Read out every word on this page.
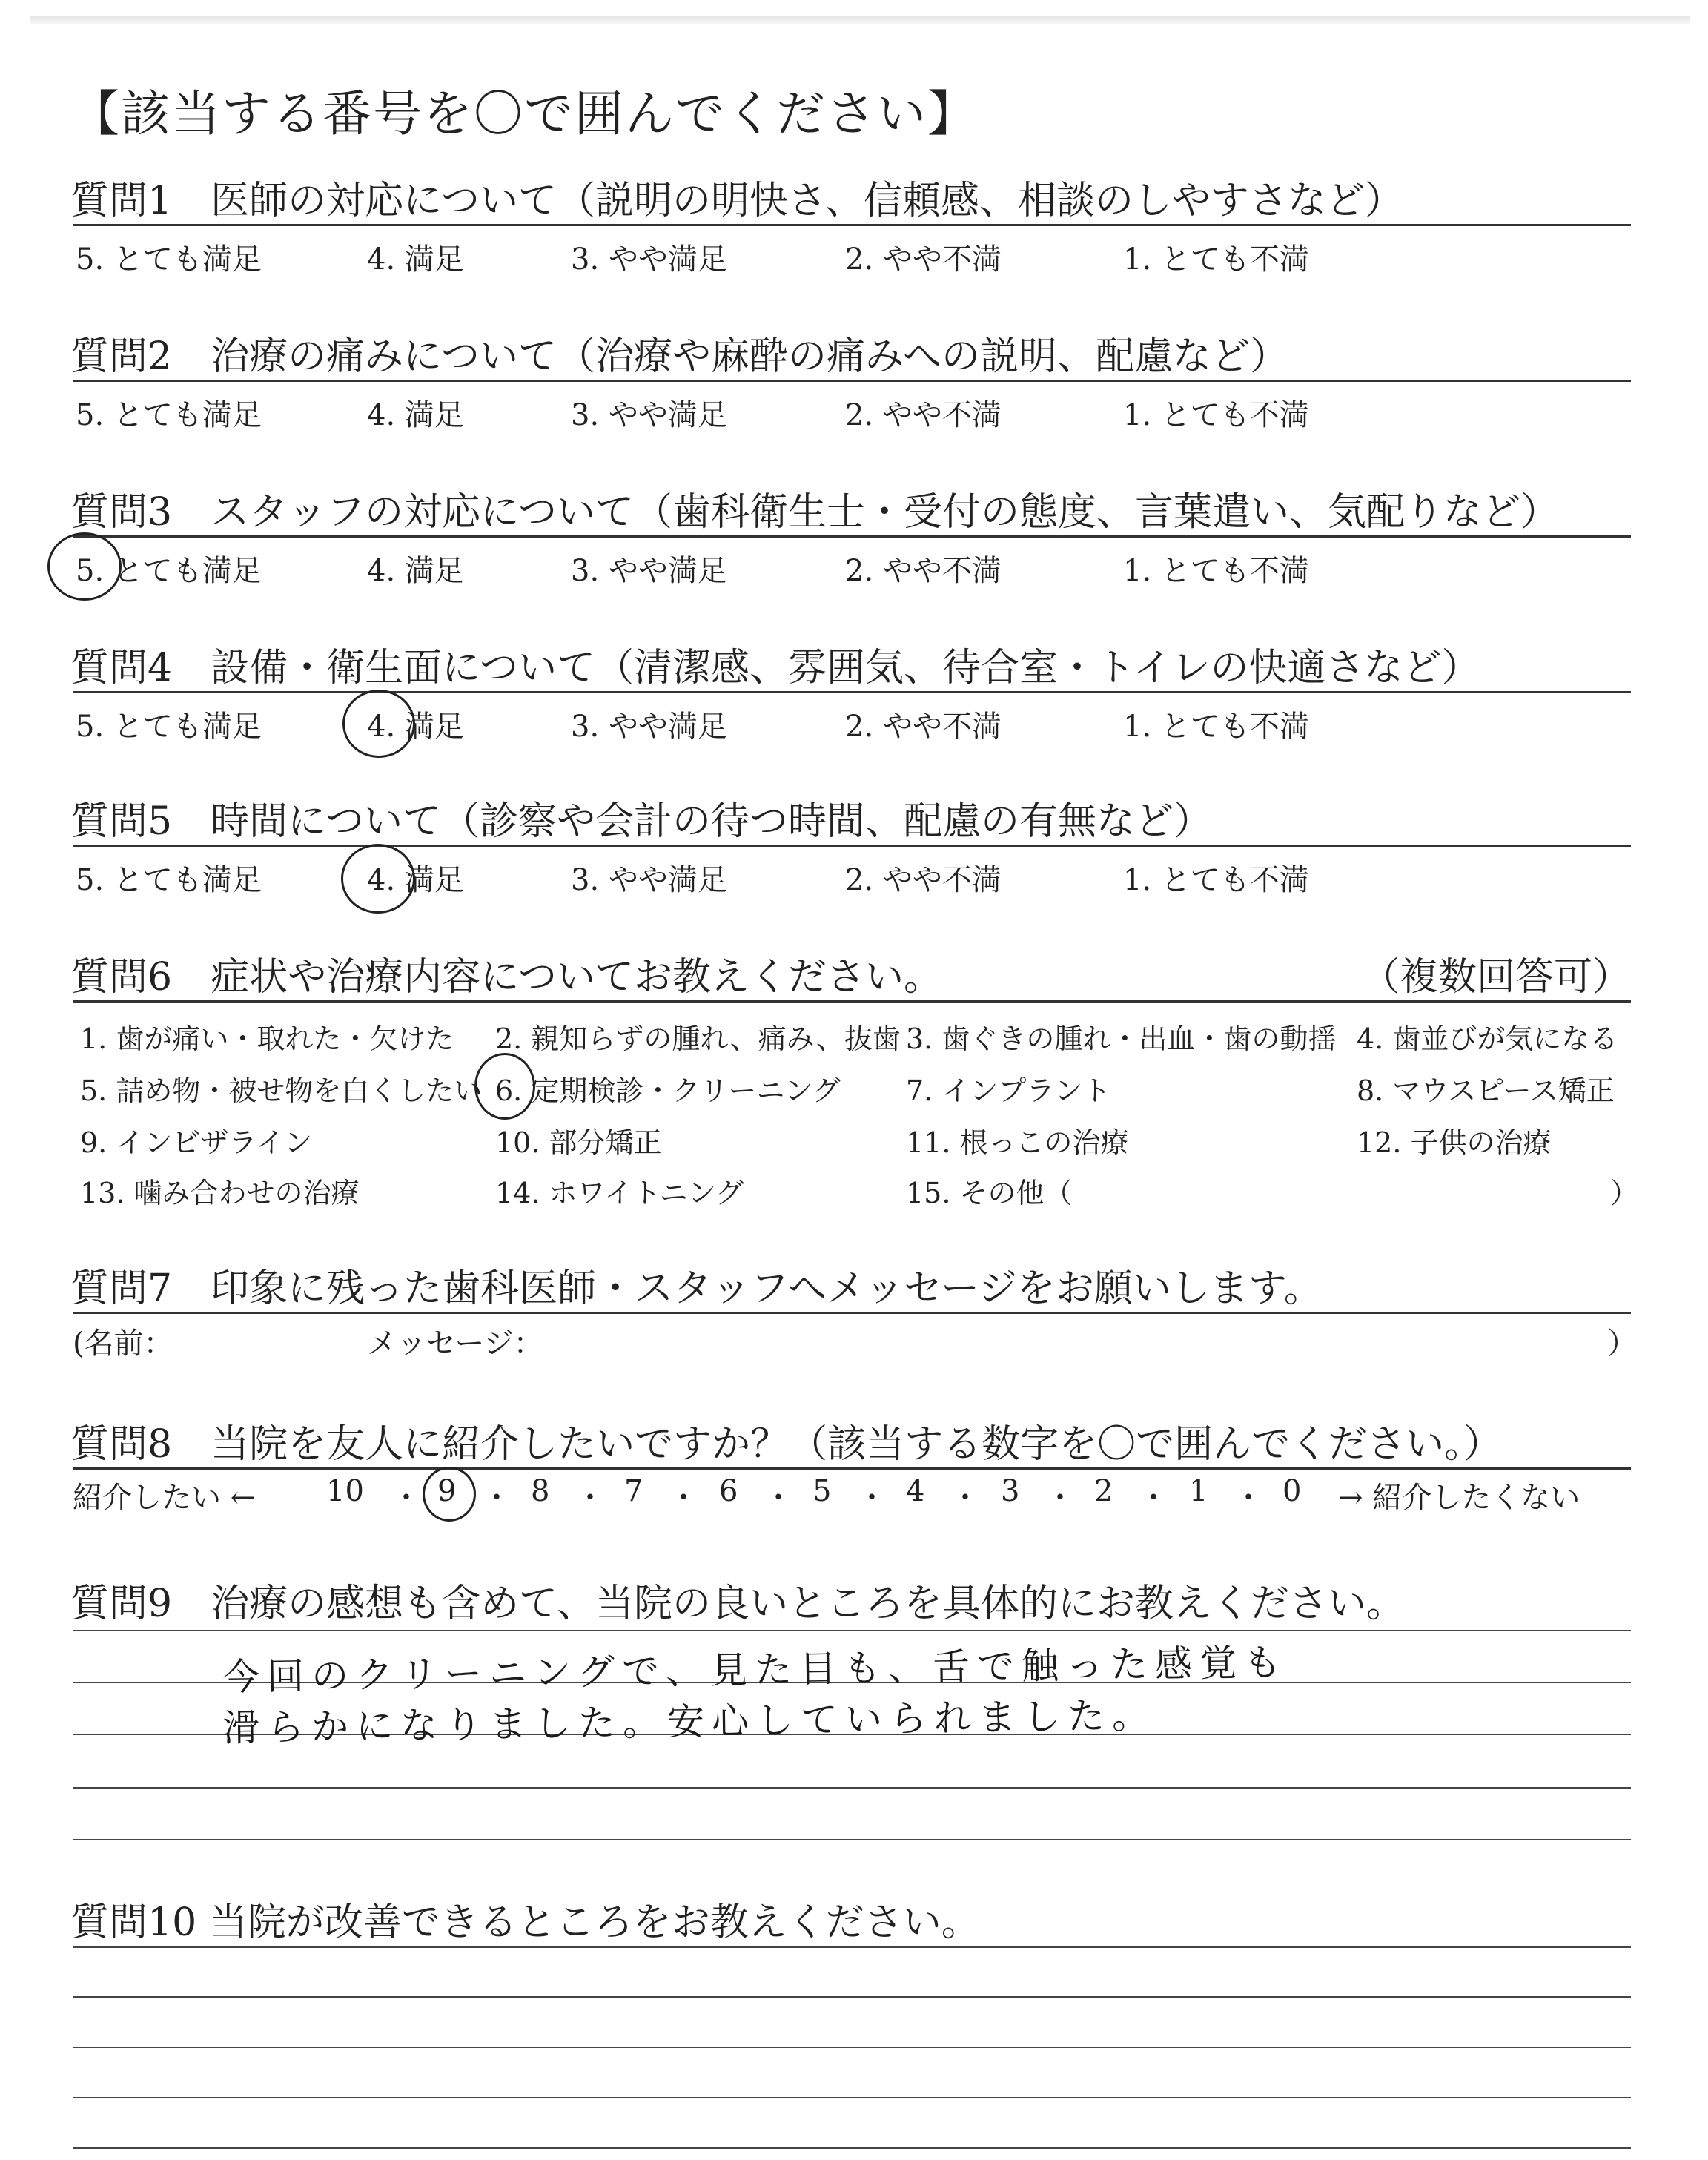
【該当する番号を〇で囲んでください】
質問1　医師の対応について（説明の明快さ、信頼感、相談のしやすさなど）
5. とても満足	4. 満足	3. やや満足	2. やや不満	1. とても不満
質問2　治療の痛みについて（治療や麻酔の痛みへの説明、配慮など）
5. とても満足	4. 満足	3. やや満足	2. やや不満	1. とても不満
質問3　スタッフの対応について（歯科衛生士・受付の態度、言葉遣い、気配りなど）
5. とても満足	4. 満足	3. やや満足	2. やや不満	1. とても不満
質問4　設備・衛生面について（清潔感、雰囲気、待合室・トイレの快適さなど）
5. とても満足	4. 満足	3. やや満足	2. やや不満	1. とても不満
質問5　時間について（診察や会計の待つ時間、配慮の有無など）
5. とても満足	4. 満足	3. やや満足	2. やや不満	1. とても不満
質問6　症状や治療内容についてお教えください。	（複数回答可）
1. 歯が痛い・取れた・欠けた 2. 親知らずの腫れ、痛み、抜歯 3. 歯ぐきの腫れ・出血・歯の動揺 4. 歯並びが気になる
5. 詰め物・被せ物を白くしたい 6. 定期検診・クリーニング 7. インプラント	8. マウスピース矯正
9. インビザライン	10. 部分矯正	11. 根っこの治療	12. 子供の治療
13. 噛み合わせの治療	14. ホワイトニング	15. その他（	）
質問7　印象に残った歯科医師・スタッフへメッセージをお願いします。
(名前：	メッセージ：	）
質問8　当院を友人に紹介したいですか？（該当する数字を〇で囲んでください。）
紹介したい ← 10 ・ 9 ・ 8 ・ 7 ・ 6 ・ 5 ・ 4 ・ 3 ・ 2 ・ 1 ・ 0 → 紹介したくない
質問9　治療の感想も含めて、当院の良いところを具体的にお教えください。
今回のクリーニングで、見た目も、舌で触った感覚も
滑らかになりました。安心していられました。
質問10 当院が改善できるところをお教えください。
